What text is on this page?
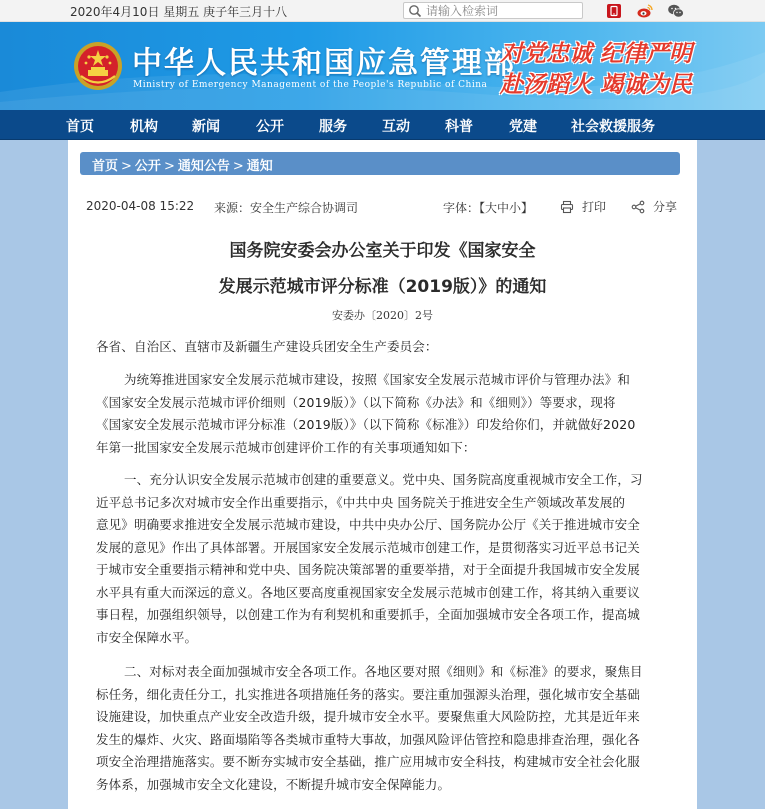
2020年4月10日 星期五 庚子年三月十八
请输入检索词
中华人民共和国应急管理部
Ministry of Emergency Management of the People's Republic of China
对党忠诚 纪律严明
赴汤蹈火 竭诚为民
首页	机构 新闻	公开	服务	互动	科普	党建 社会救援服务
首页 > 公开 > 通知公告 > 通知
2020-04-08 15:22 来源：安全生产综合协调司	字体：【大中小】	打印	分享
国务院安委会办公室关于印发《国家安全
发展示范城市评分标准（2019版）》的通知
安委办〔2020〕2号
各省、自治区、直辖市及新疆生产建设兵团安全生产委员会：
为统筹推进国家安全发展示范城市建设，按照《国家安全发展示范城市评价与管理办法》和
《国家安全发展示范城市评价细则（2019版）》（以下简称《办法》和《细则》）等要求，现将
《国家安全发展示范城市评分标准（2019版）》（以下简称《标准》）印发给你们，并就做好2020
年第一批国家安全发展示范城市创建评价工作的有关事项通知如下：
一、充分认识安全发展示范城市创建的重要意义。党中央、国务院高度重视城市安全工作，习
近平总书记多次对城市安全作出重要指示，《中共中央 国务院关于推进安全生产领域改革发展的
意见》明确要求推进安全发展示范城市建设，中共中央办公厅、国务院办公厅《关于推进城市安全
发展的意见》作出了具体部署。开展国家安全发展示范城市创建工作，是贯彻落实习近平总书记关
于城市安全重要指示精神和党中央、国务院决策部署的重要举措，对于全面提升我国城市安全发展
水平具有重大而深远的意义。各地区要高度重视国家安全发展示范城市创建工作，将其纳入重要议
事日程，加强组织领导，以创建工作为有利契机和重要抓手，全面加强城市安全各项工作，提高城
市安全保障水平。
二、对标对表全面加强城市安全各项工作。各地区要对照《细则》和《标准》的要求，聚焦目
标任务，细化责任分工，扎实推进各项措施任务的落实。要注重加强源头治理，强化城市安全基础
设施建设，加快重点产业安全改造升级，提升城市安全水平。要聚焦重大风险防控，尤其是近年来
发生的爆炸、火灾、路面塌陷等各类城市重特大事故，加强风险评估管控和隐患排查治理，强化各
项安全治理措施落实。要不断夯实城市安全基础，推广应用城市安全科技，构建城市安全社会化服
务体系，加强城市安全文化建设，不断提升城市安全保障能力。
